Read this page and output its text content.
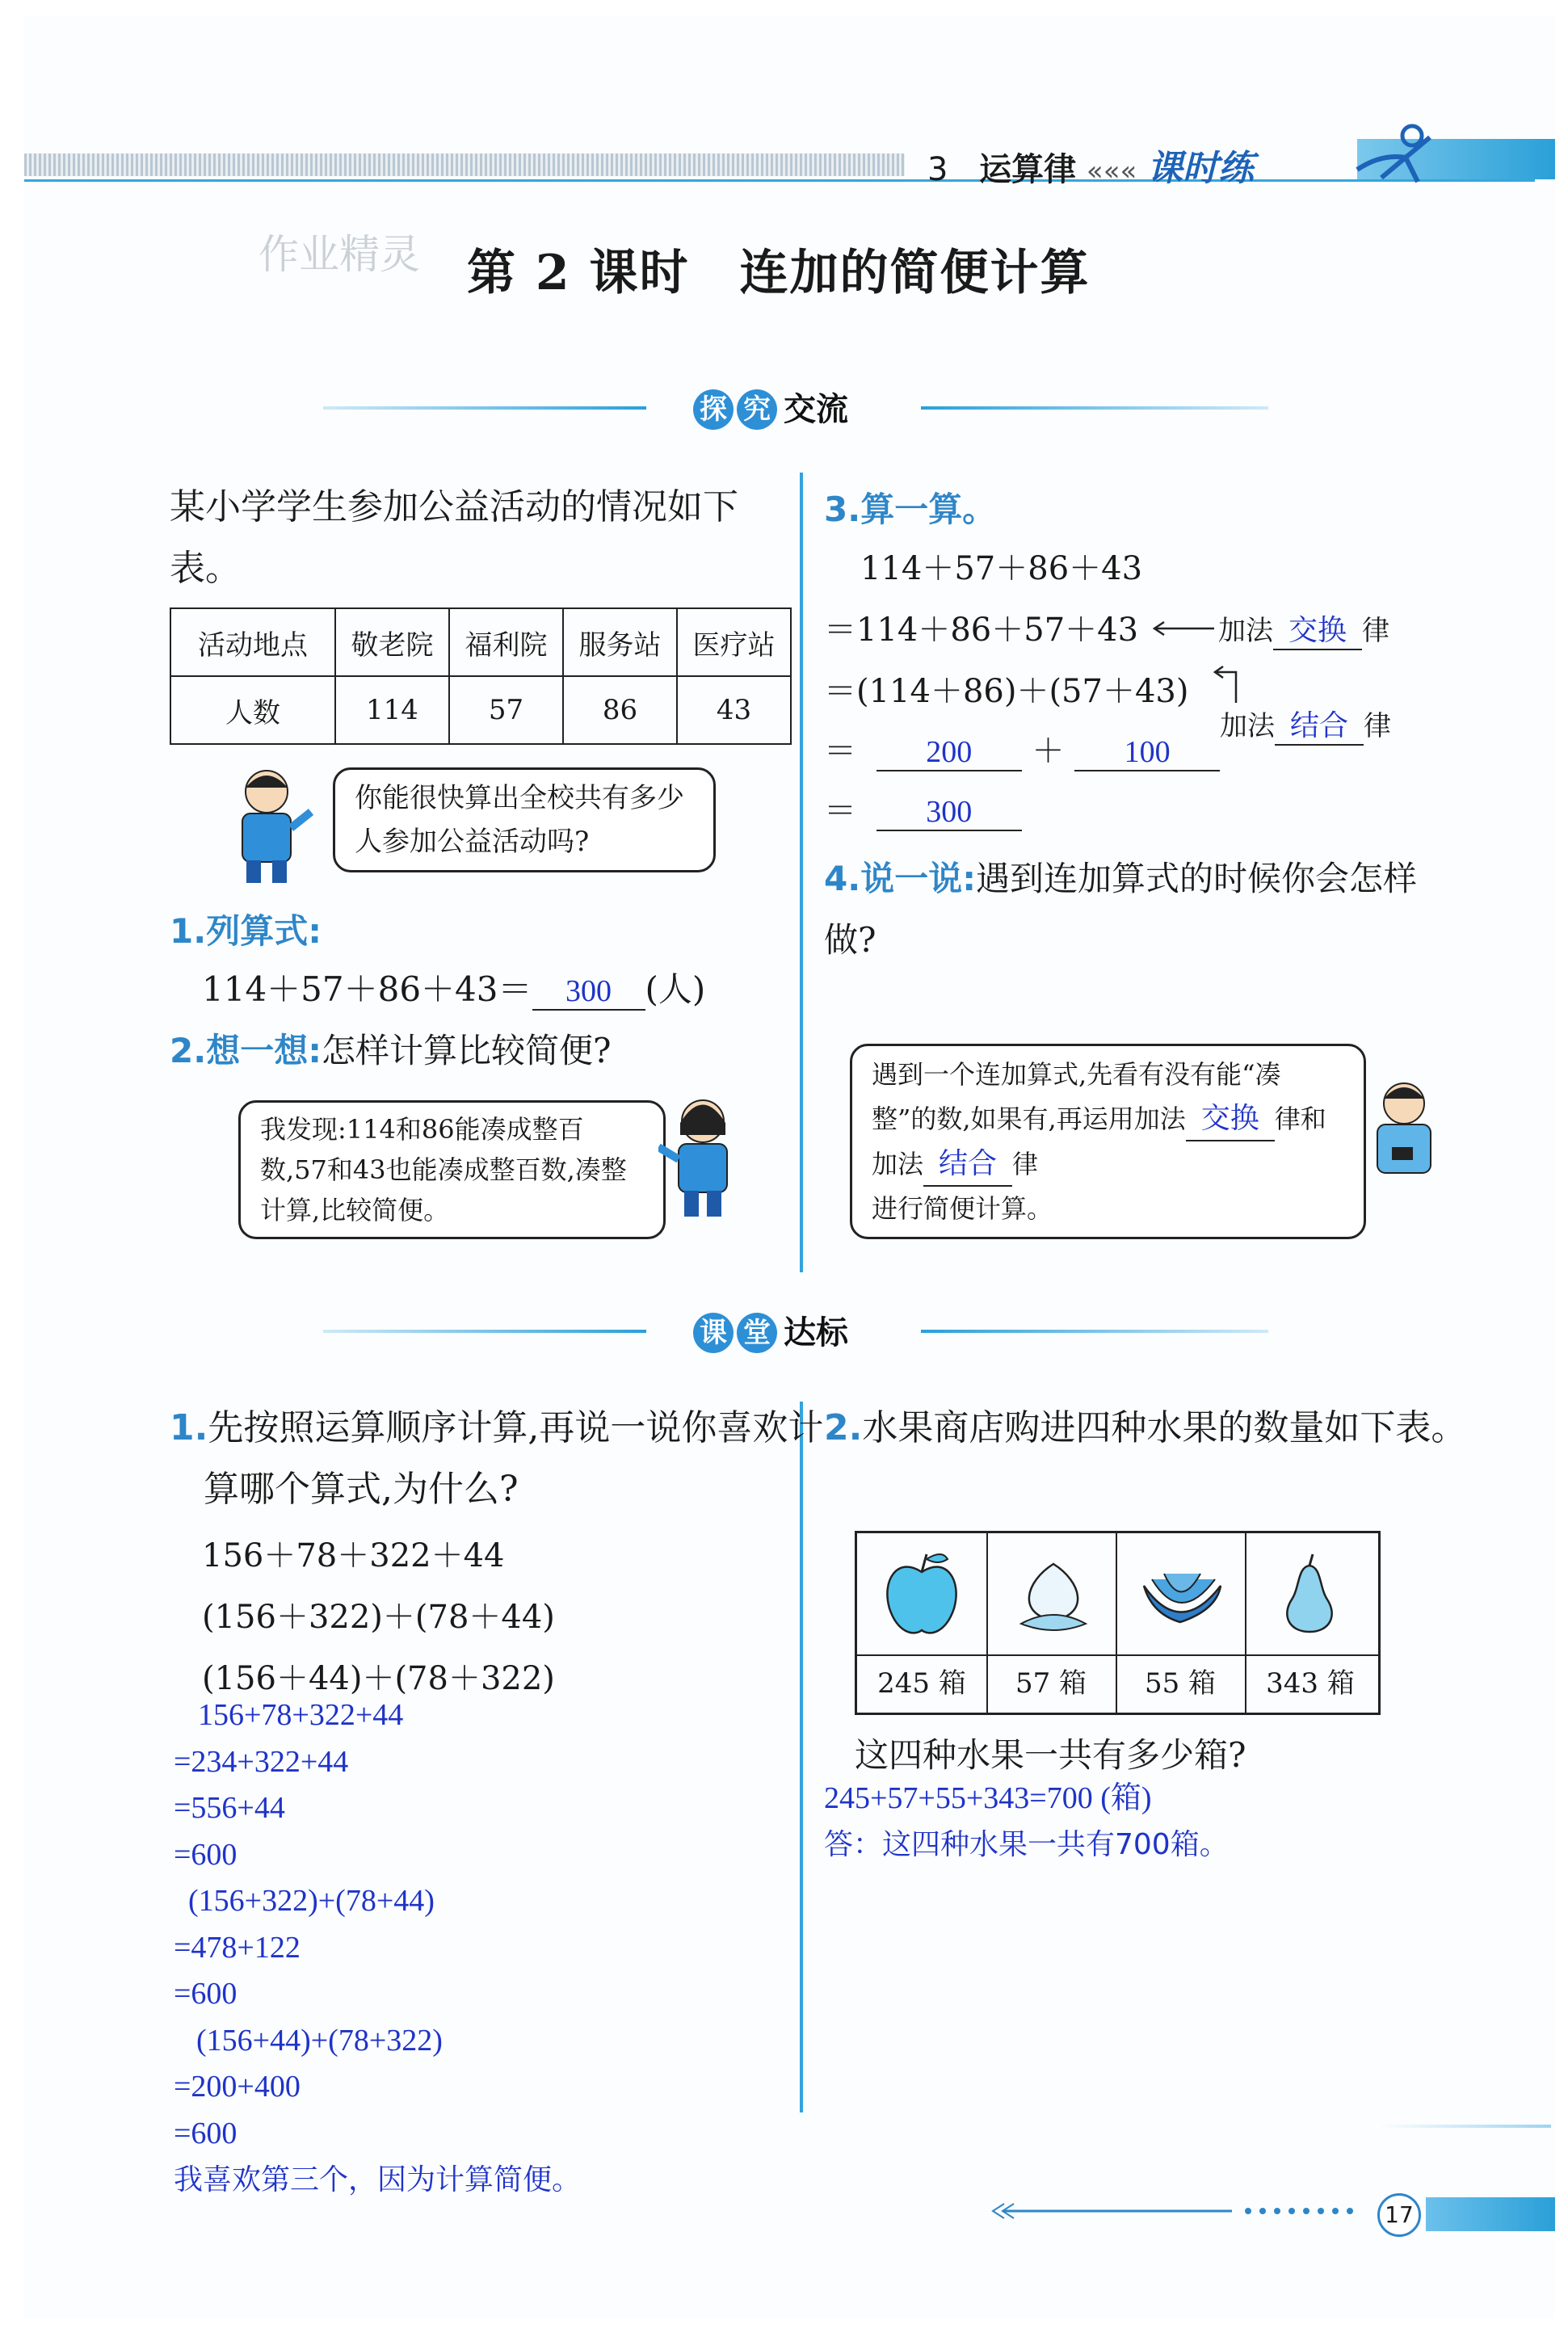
3 运算律 ««« 课时练
作业精灵 第 2 课时　连加的简便计算
探 究 交流
某小学学生参加公益活动的情况如下表。
活动地点	敬老院	福利院	服务站	医疗站
人数	114	57	86	43
你能很快算出全校共有多少人参加公益活动吗?
1.列算式:
114＋57＋86＋43＝ 300 (人)
2.想一想:怎样计算比较简便?
我发现:114和86能凑成整百数,57和43也能凑成整百数,凑整计算,比较简便。
3.算一算。
114＋57＋86＋43
＝114＋86＋57＋43	加法 交换 律
＝(114＋86)＋(57＋43)
加法 结合 律
＝ 200 ＋ 100
＝ 300
4.说一说:遇到连加算式的时候你会怎样做?
遇到一个连加算式,先看有没有能“凑整”的数,如果有,再运用加法 交换 律和加法 结合 律
进行简便计算。
课 堂 达标
1.先按照运算顺序计算,再说一说你喜欢计算哪个算式,为什么?
156＋78＋322＋44
(156＋322)＋(78＋44)
(156＋44)＋(78＋322)
156+78+322+44
=234+322+44
=556+44
=600
(156+322)+(78+44)
=478+122
=600
(156+44)+(78+322)
=200+400
=600
我喜欢第三个，因为计算简便。
2.水果商店购进四种水果的数量如下表。
245 箱	57 箱	55 箱	343 箱
这四种水果一共有多少箱?
245+57+55+343=700 (箱)
答：这四种水果一共有700箱。
17
